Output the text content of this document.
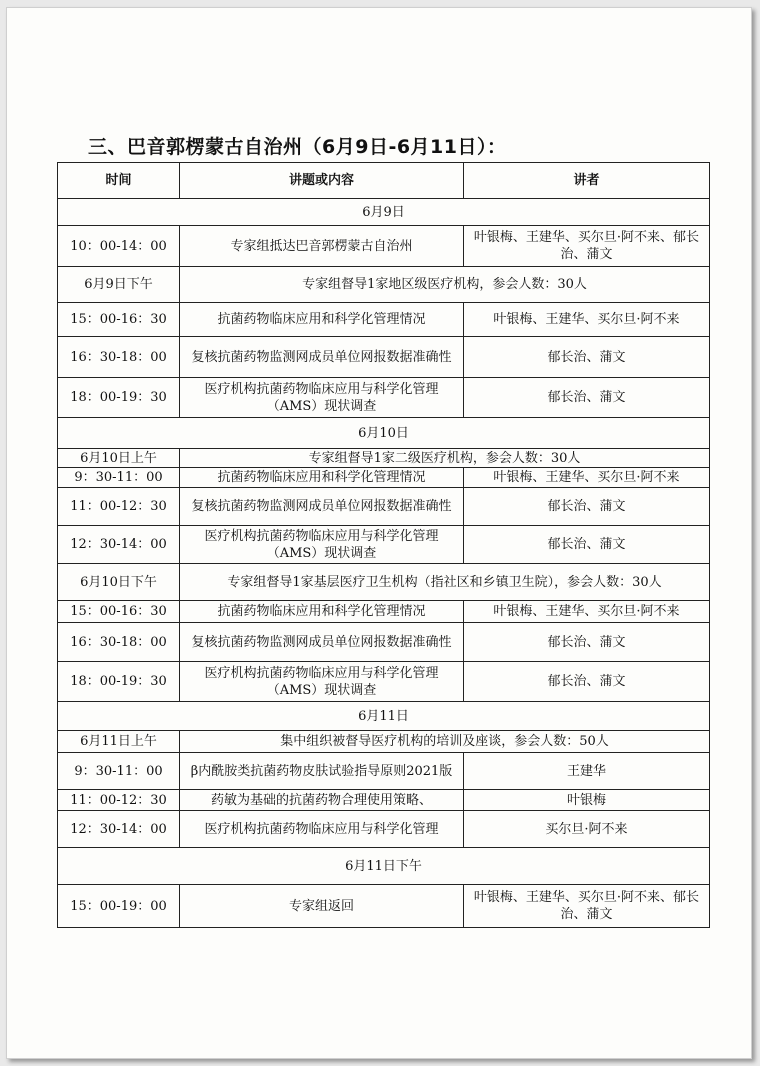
三、巴音郭楞蒙古自治州（6月9日-6月11日）：
时间	讲题或内容	讲者
6月9日		
10：00-14：00	专家组抵达巴音郭楞蒙古自治州	叶银梅、王建华、买尔旦·阿不来、郁长治、蒲文
6月9日下午	专家组督导1家地区级医疗机构，参会人数：30人	
15：00-16：30	抗菌药物临床应用和科学化管理情况	叶银梅、王建华、买尔旦·阿不来
16：30-18：00	复核抗菌药物监测网成员单位网报数据准确性	郁长治、蒲文
18：00-19：30	医疗机构抗菌药物临床应用与科学化管理（AMS）现状调查	郁长治、蒲文
6月10日		
6月10日上午	专家组督导1家二级医疗机构，参会人数：30人	
9：30-11：00	抗菌药物临床应用和科学化管理情况	叶银梅、王建华、买尔旦·阿不来
11：00-12：30	复核抗菌药物监测网成员单位网报数据准确性	郁长治、蒲文
12：30-14：00	医疗机构抗菌药物临床应用与科学化管理（AMS）现状调查	郁长治、蒲文
6月10日下午	专家组督导1家基层医疗卫生机构（指社区和乡镇卫生院），参会人数：30人	
15：00-16：30	抗菌药物临床应用和科学化管理情况	叶银梅、王建华、买尔旦·阿不来
16：30-18：00	复核抗菌药物监测网成员单位网报数据准确性	郁长治、蒲文
18：00-19：30	医疗机构抗菌药物临床应用与科学化管理（AMS）现状调查	郁长治、蒲文
6月11日		
6月11日上午	集中组织被督导医疗机构的培训及座谈，参会人数：50人	
9：30-11：00	β内酰胺类抗菌药物皮肤试验指导原则2021版	王建华
11：00-12：30	药敏为基础的抗菌药物合理使用策略、	叶银梅
12：30-14：00	医疗机构抗菌药物临床应用与科学化管理	买尔旦·阿不来
6月11日下午		
15：00-19：00	专家组返回	叶银梅、王建华、买尔旦·阿不来、郁长治、蒲文
